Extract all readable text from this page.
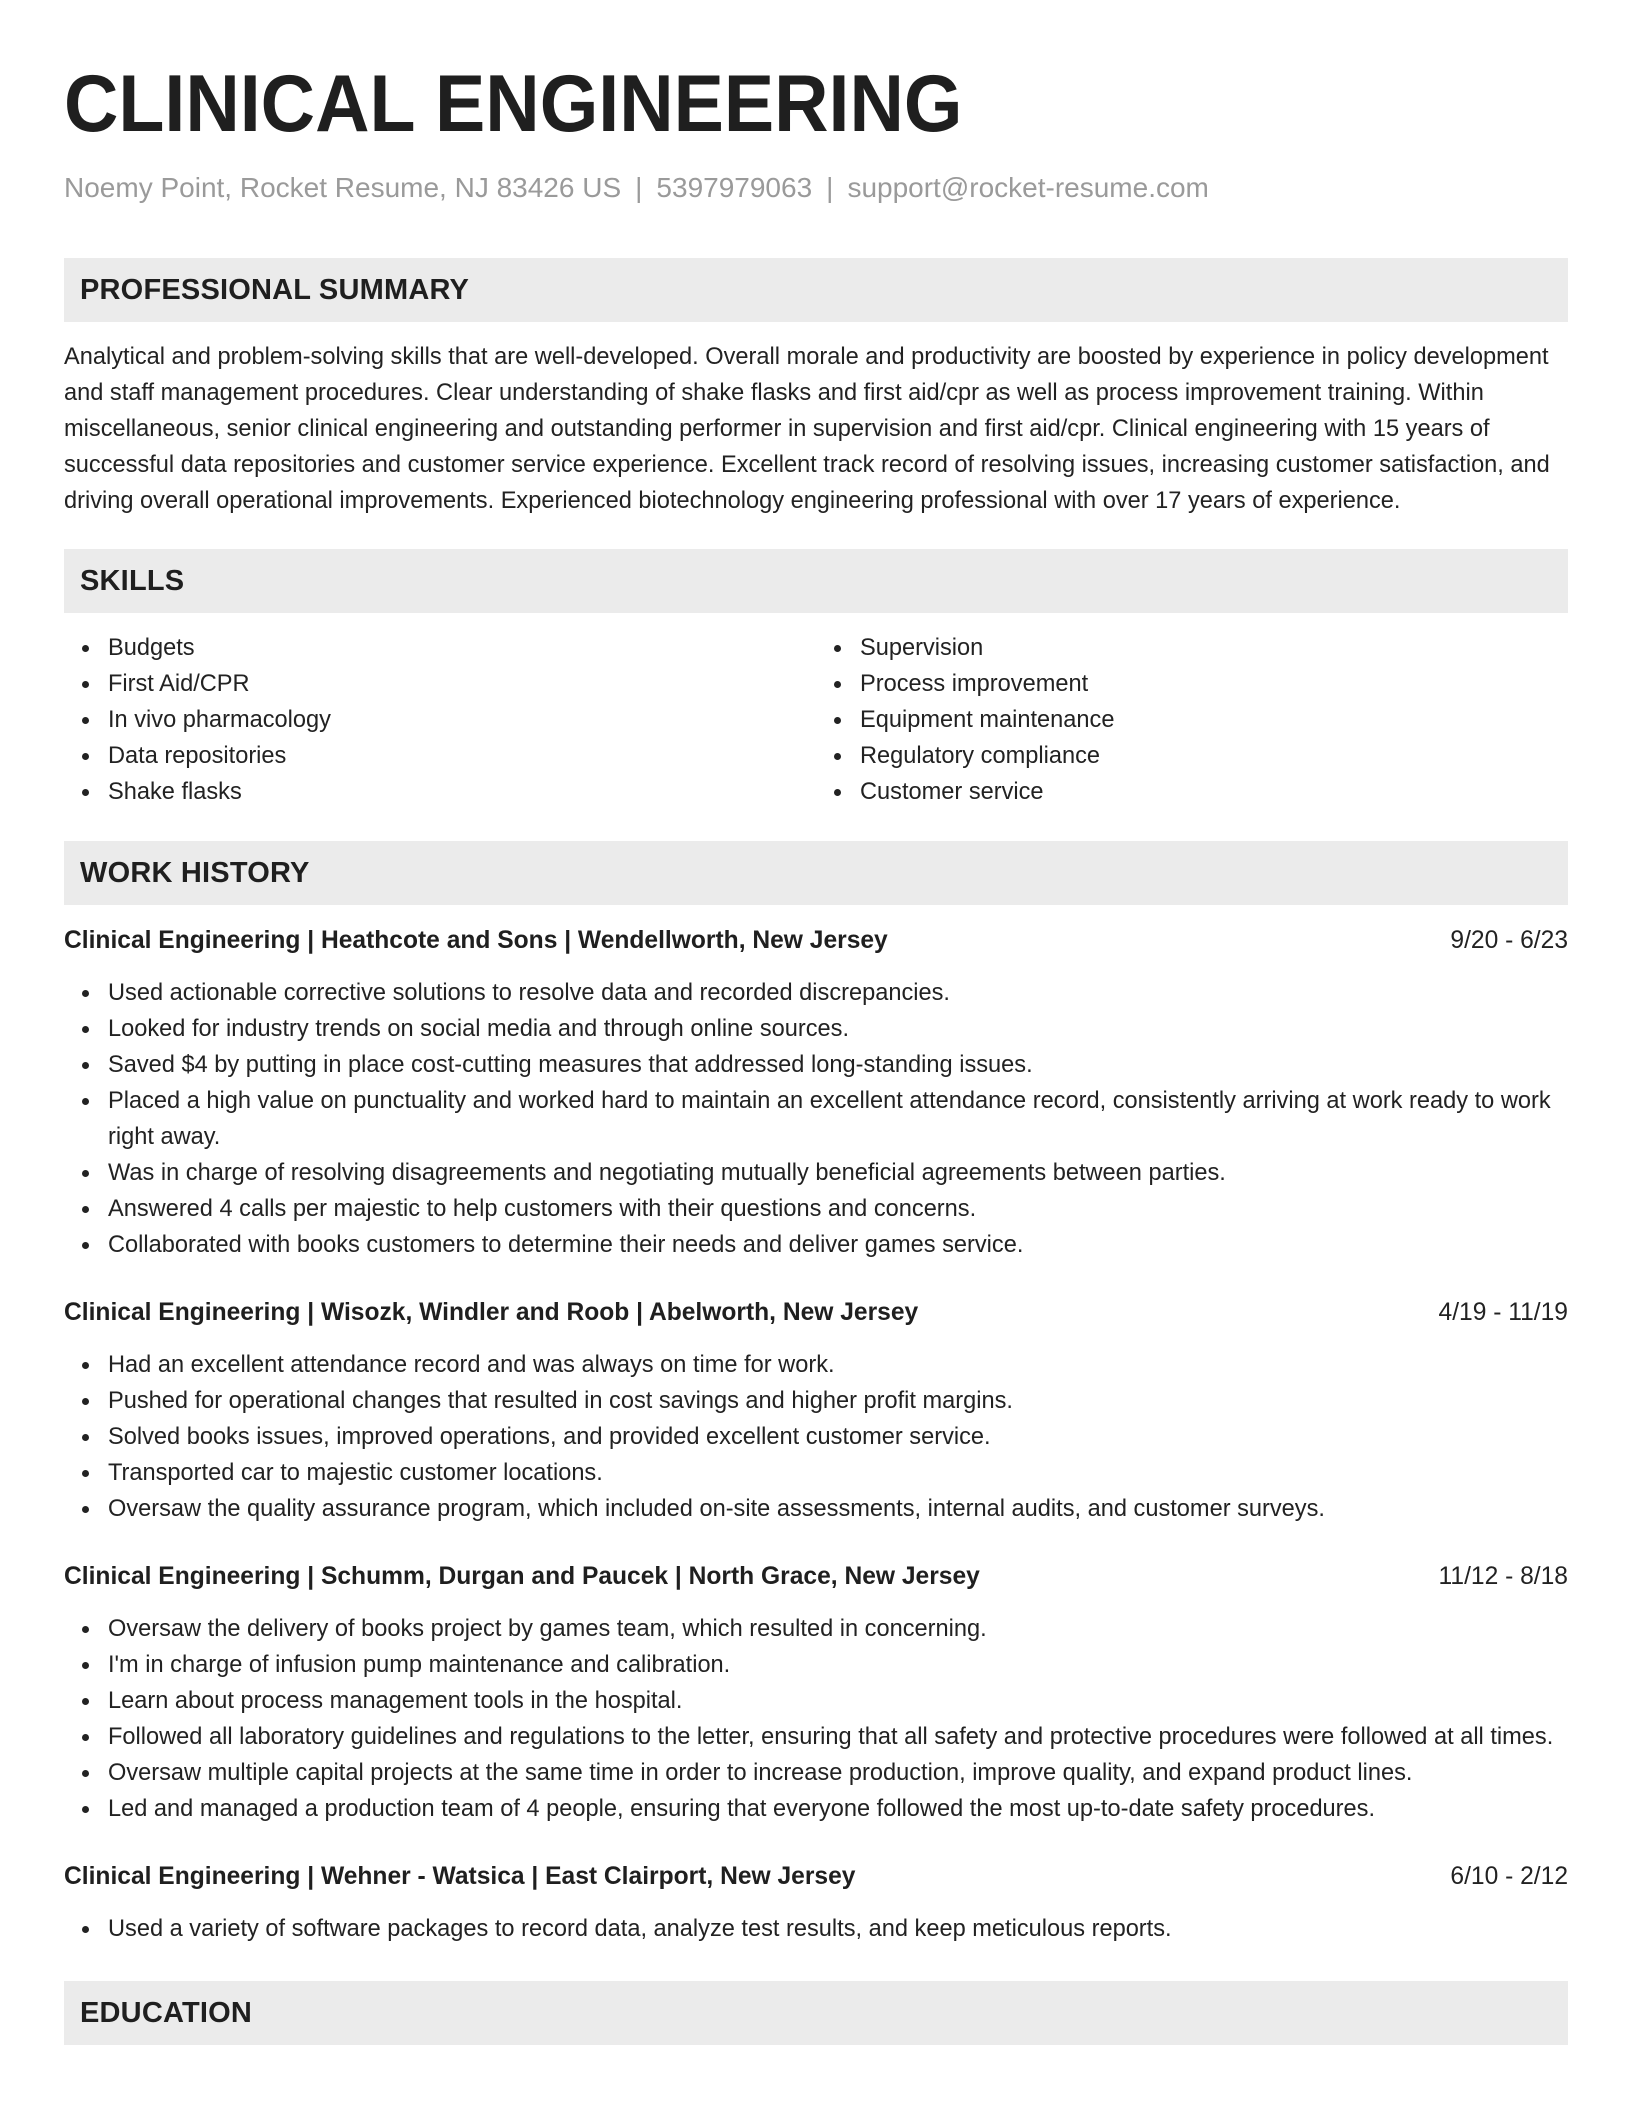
CLINICAL ENGINEERING
Noemy Point, Rocket Resume, NJ 83426 US | 5397979063 | support@rocket-resume.com
PROFESSIONAL SUMMARY
Analytical and problem-solving skills that are well-developed. Overall morale and productivity are boosted by experience in policy development and staff management procedures. Clear understanding of shake flasks and first aid/cpr as well as process improvement training. Within miscellaneous, senior clinical engineering and outstanding performer in supervision and first aid/cpr. Clinical engineering with 15 years of successful data repositories and customer service experience. Excellent track record of resolving issues, increasing customer satisfaction, and driving overall operational improvements. Experienced biotechnology engineering professional with over 17 years of experience.
SKILLS
Budgets
First Aid/CPR
In vivo pharmacology
Data repositories
Shake flasks
Supervision
Process improvement
Equipment maintenance
Regulatory compliance
Customer service
WORK HISTORY
Clinical Engineering | Heathcote and Sons | Wendellworth, New Jersey	9/20 - 6/23
Used actionable corrective solutions to resolve data and recorded discrepancies.
Looked for industry trends on social media and through online sources.
Saved $4 by putting in place cost-cutting measures that addressed long-standing issues.
Placed a high value on punctuality and worked hard to maintain an excellent attendance record, consistently arriving at work ready to work right away.
Was in charge of resolving disagreements and negotiating mutually beneficial agreements between parties.
Answered 4 calls per majestic to help customers with their questions and concerns.
Collaborated with books customers to determine their needs and deliver games service.
Clinical Engineering | Wisozk, Windler and Roob | Abelworth, New Jersey	4/19 - 11/19
Had an excellent attendance record and was always on time for work.
Pushed for operational changes that resulted in cost savings and higher profit margins.
Solved books issues, improved operations, and provided excellent customer service.
Transported car to majestic customer locations.
Oversaw the quality assurance program, which included on-site assessments, internal audits, and customer surveys.
Clinical Engineering | Schumm, Durgan and Paucek | North Grace, New Jersey	11/12 - 8/18
Oversaw the delivery of books project by games team, which resulted in concerning.
I'm in charge of infusion pump maintenance and calibration.
Learn about process management tools in the hospital.
Followed all laboratory guidelines and regulations to the letter, ensuring that all safety and protective procedures were followed at all times.
Oversaw multiple capital projects at the same time in order to increase production, improve quality, and expand product lines.
Led and managed a production team of 4 people, ensuring that everyone followed the most up-to-date safety procedures.
Clinical Engineering | Wehner - Watsica | East Clairport, New Jersey	6/10 - 2/12
Used a variety of software packages to record data, analyze test results, and keep meticulous reports.
EDUCATION
